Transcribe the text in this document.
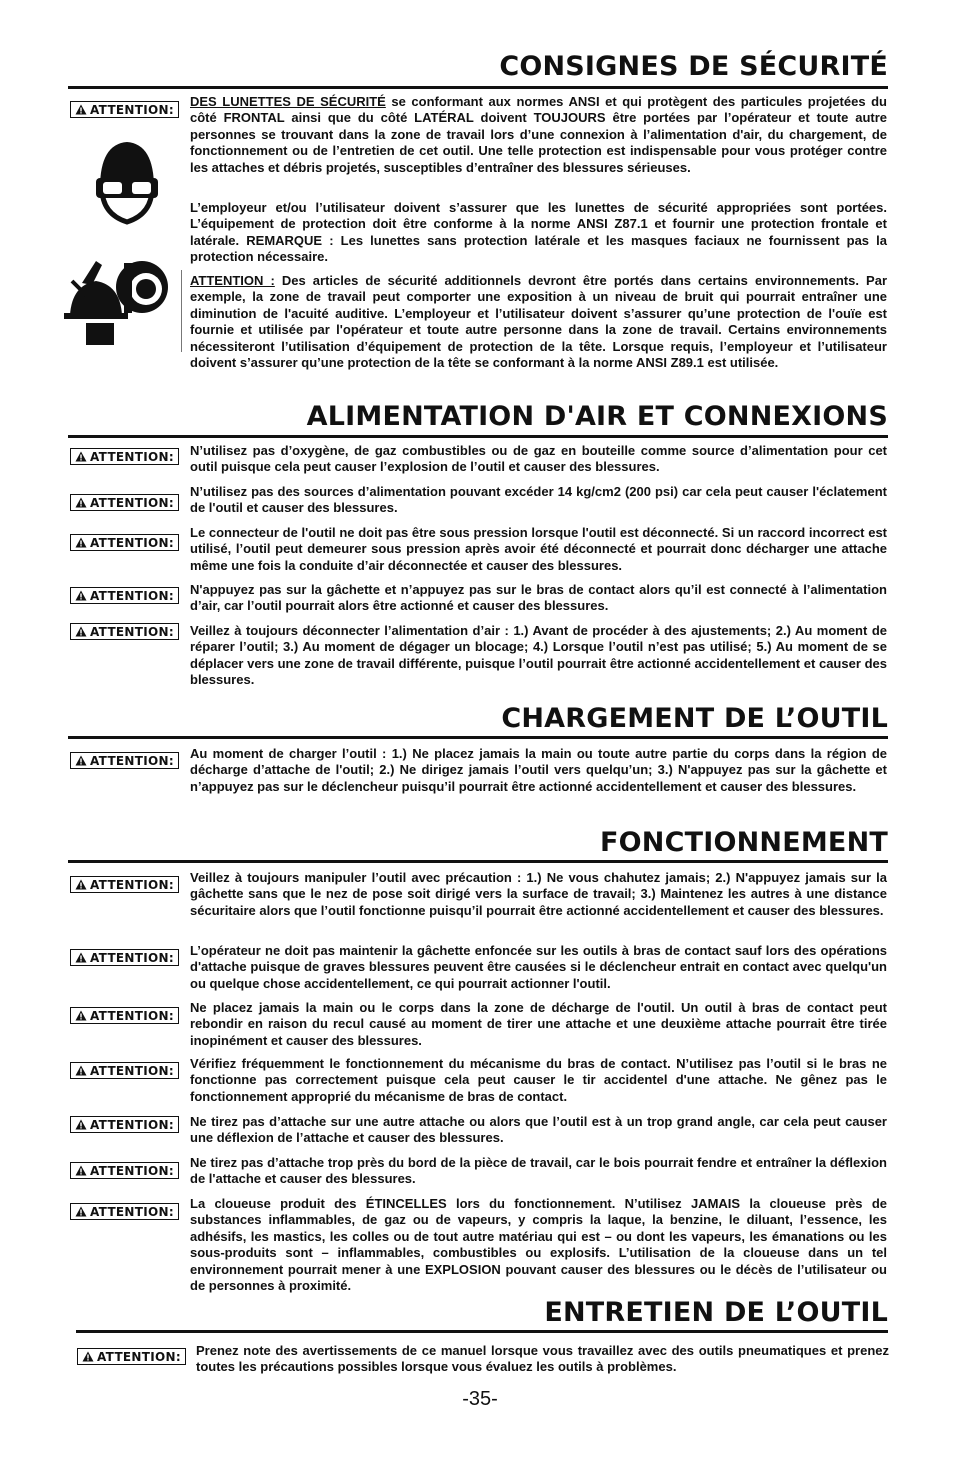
CONSIGNES DE SÉCURITÉ
ATTENTION:
DES LUNETTES DE SÉCURITÉ se conformant aux normes ANSI et qui protègent des particules projetées du côté FRONTAL ainsi que du côté LATÉRAL doivent TOUJOURS être portées par l’opérateur et toute autre personnes se trouvant dans la zone de travail lors d’une connexion à l’alimentation d'air, du chargement, de fonctionnement ou de l’entretien de cet outil. Une telle protection est indispensable pour vous protéger contre les attaches et débris projetés, susceptibles d’entraîner des blessures sérieuses.
L’employeur et/ou l’utilisateur doivent s’assurer que les lunettes de sécurité appropriées sont portées. L’équipement de protection doit être conforme à la norme ANSI Z87.1 et fournir une protection frontale et latérale. REMARQUE : Les lunettes sans protection latérale et les masques faciaux ne fournissent pas la protection nécessaire.
ATTENTION : Des articles de sécurité additionnels devront être portés dans certains environnements. Par exemple, la zone de travail peut comporter une exposition à un niveau de bruit qui pourrait entraîner une diminution de l'acuité auditive. L’employeur et l’utilisateur doivent s’assurer qu’une protection de l'ouïe est fournie et utilisée par l'opérateur et toute autre personne dans la zone de travail. Certains environnements nécessiteront l’utilisation d’équipement de protection de la tête. Lorsque requis, l’employeur et l’utilisateur doivent s’assurer qu’une protection de la tête se conformant à la norme ANSI Z89.1 est utilisée.
ALIMENTATION D'AIR ET CONNEXIONS
ATTENTION: N’utilisez pas d’oxygène, de gaz combustibles ou de gaz en bouteille comme source d’alimentation pour cet outil puisque cela peut causer l’explosion de l’outil et causer des blessures.
ATTENTION:
N’utilisez pas des sources d’alimentation pouvant excéder 14 kg/cm2 (200 psi) car cela peut causer l'éclatement de l'outil et causer des blessures.
ATTENTION:
Le connecteur de l'outil ne doit pas être sous pression lorsque l'outil est déconnecté. Si un raccord incorrect est utilisé, l’outil peut demeurer sous pression après avoir été déconnecté et pourrait donc décharger une attache même une fois la conduite d’air déconnectée et causer des blessures.
ATTENTION: N'appuyez pas sur la gâchette et n’appuyez pas sur le bras de contact alors qu’il est connecté à l’alimentation d’air, car l’outil pourrait alors être actionné et causer des blessures.
ATTENTION: Veillez à toujours déconnecter l’alimentation d’air : 1.) Avant de procéder à des ajustements; 2.) Au moment de réparer l’outil; 3.) Au moment de dégager un blocage; 4.) Lorsque l’outil n’est pas utilisé; 5.) Au moment de se déplacer vers une zone de travail différente, puisque l’outil pourrait être actionné accidentellement et causer des blessures.
CHARGEMENT DE L’OUTIL
ATTENTION: Au moment de charger l’outil : 1.) Ne placez jamais la main ou toute autre partie du corps dans la région de décharge d’attache de l'outil; 2.) Ne dirigez jamais l’outil vers quelqu’un; 3.) N'appuyez pas sur la gâchette et n’appuyez pas sur le déclencheur puisqu’il pourrait être actionné accidentellement et causer des blessures.
FONCTIONNEMENT
ATTENTION: Veillez à toujours manipuler l’outil avec précaution : 1.) Ne vous chahutez jamais; 2.) N'appuyez jamais sur la gâchette sans que le nez de pose soit dirigé vers la surface de travail; 3.) Maintenez les autres à une distance sécuritaire alors que l’outil fonctionne puisqu’il pourrait être actionné accidentellement et causer des blessures.
ATTENTION: L’opérateur ne doit pas maintenir la gâchette enfoncée sur les outils à bras de contact sauf lors des opérations d'attache puisque de graves blessures peuvent être causées si le déclencheur entrait en contact avec quelqu'un ou quelque chose accidentellement, ce qui pourrait actionner l'outil.
ATTENTION:
Ne placez jamais la main ou le corps dans la zone de décharge de l'outil. Un outil à bras de contact peut rebondir en raison du recul causé au moment de tirer une attache et une deuxième attache pourrait être tirée inopinément et causer des blessures.
ATTENTION: Vérifiez fréquemment le fonctionnement du mécanisme du bras de contact. N’utilisez pas l’outil si le bras ne fonctionne pas correctement puisque cela peut causer le tir accidentel d'une attache. Ne gênez pas le fonctionnement approprié du mécanisme de bras de contact.
ATTENTION: Ne tirez pas d’attache sur une autre attache ou alors que l’outil est à un trop grand angle, car cela peut causer une déflexion de l’attache et causer des blessures.
ATTENTION:
Ne tirez pas d’attache trop près du bord de la pièce de travail, car le bois pourrait fendre et entraîner la déflexion de l'attache et causer des blessures.
ATTENTION:
La cloueuse produit des ÉTINCELLES lors du fonctionnement. N’utilisez JAMAIS la cloueuse près de substances inflammables, de gaz ou de vapeurs, y compris la laque, la benzine, le diluant, l’essence, les adhésifs, les mastics, les colles ou de tout autre matériau qui est – ou dont les vapeurs, les émanations ou les sous-produits sont – inflammables, combustibles ou explosifs. L’utilisation de la cloueuse dans un tel environnement pourrait mener à une EXPLOSION pouvant causer des blessures ou le décès de l’utilisateur ou de personnes à proximité.
ENTRETIEN DE L’OUTIL
ATTENTION: Prenez note des avertissements de ce manuel lorsque vous travaillez avec des outils pneumatiques et prenez toutes les précautions possibles lorsque vous évaluez les outils à problèmes.
-35-
